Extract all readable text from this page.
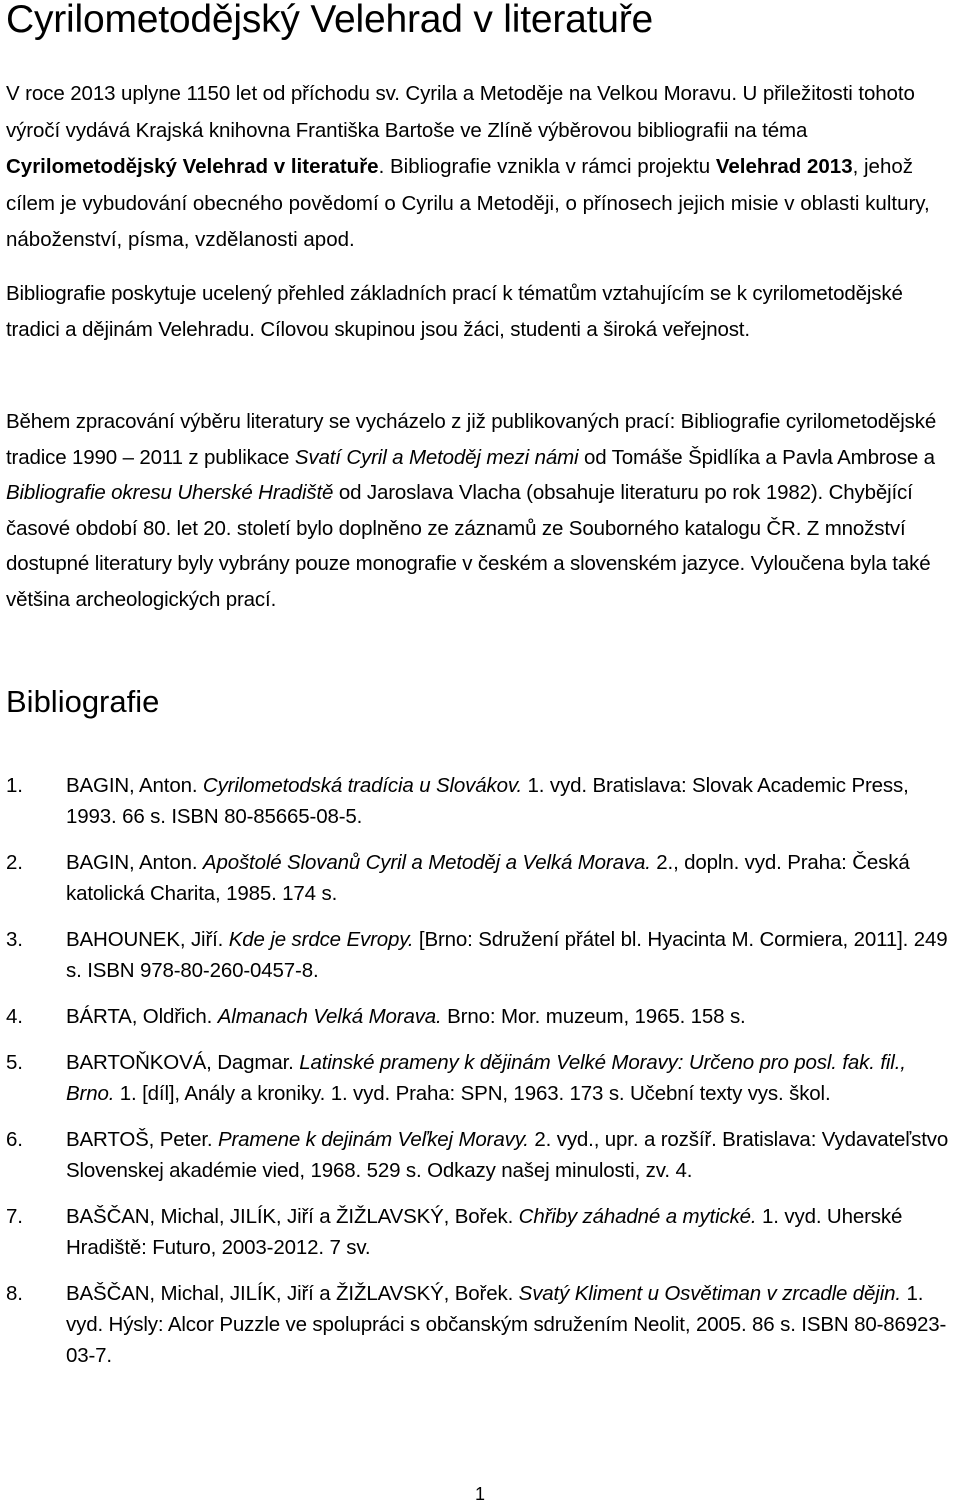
Cyrilometodějský Velehrad v literatuře

V roce 2013 uplyne 1150 let od příchodu sv. Cyrila a Metoděje na Velkou Moravu. U přiležitosti tohoto výročí vydává Krajská knihovna Františka Bartoše ve Zlíně výběrovou bibliografii na téma Cyrilometodějský Velehrad v literatuře. Bibliografie vznikla v rámci projektu Velehrad 2013, jehož cílem je vybudování obecného povědomí o Cyrilu a Metoději, o přínosech jejich misie v oblasti kultury, náboženství, písma, vzdělanosti apod.

Bibliografie poskytuje ucelený přehled základních prací k tématům vztahujícím se k cyrilometodějské tradici a dějinám Velehradu. Cílovou skupinou jsou žáci, studenti a široká veřejnost.

Během zpracování výběru literatury se vycházelo z již publikovaných prací: Bibliografie cyrilometodějské tradice 1990 – 2011 z publikace Svatí Cyril a Metoděj mezi námi od Tomáše Špidlíka a Pavla Ambrose a Bibliografie okresu Uherské Hradiště od Jaroslava Vlacha (obsahuje literaturu po rok 1982). Chybějící časové období 80. let 20. století bylo doplněno ze záznamů ze Souborného katalogu ČR. Z množství dostupné literatury byly vybrány pouze monografie v českém a slovenském jazyce. Vyloučena byla také většina archeologických prací.

Bibliografie
1. BAGIN, Anton. Cyrilometodská tradícia u Slovákov. 1. vyd. Bratislava: Slovak Academic Press, 1993. 66 s. ISBN 80-85665-08-5.
2. BAGIN, Anton. Apoštolé Slovanů Cyril a Metoděj a Velká Morava. 2., dopln. vyd. Praha: Česká katolická Charita, 1985. 174 s.
3. BAHOUNEK, Jiří. Kde je srdce Evropy. [Brno: Sdružení přátel bl. Hyacinta M. Cormiera, 2011]. 249 s. ISBN 978-80-260-0457-8.
4. BÁRTA, Oldřich. Almanach Velká Morava. Brno: Mor. muzeum, 1965. 158 s.
5. BARTOŇKOVÁ, Dagmar. Latinské prameny k dějinám Velké Moravy: Určeno pro posl. fak. fil., Brno. 1. [díl], Anály a kroniky. 1. vyd. Praha: SPN, 1963. 173 s. Učební texty vys. škol.
6. BARTOŠ, Peter. Pramene k dejinám Veľkej Moravy. 2. vyd., upr. a rozšíř. Bratislava: Vydavateľstvo Slovenskej akadémie vied, 1968. 529 s. Odkazy našej minulosti, zv. 4.
7. BAŠČAN, Michal, JILÍK, Jiří a ŽIŽLAVSKÝ, Bořek. Chřiby záhadné a mytické. 1. vyd. Uherské Hradiště: Futuro, 2003-2012. 7 sv.
8. BAŠČAN, Michal, JILÍK, Jiří a ŽIŽLAVSKÝ, Bořek. Svatý Kliment u Osvětiman v zrcadle dějin. 1. vyd. Hýsly: Alcor Puzzle ve spolupráci s občanským sdružením Neolit, 2005. 86 s. ISBN 80-86923-03-7.
1
